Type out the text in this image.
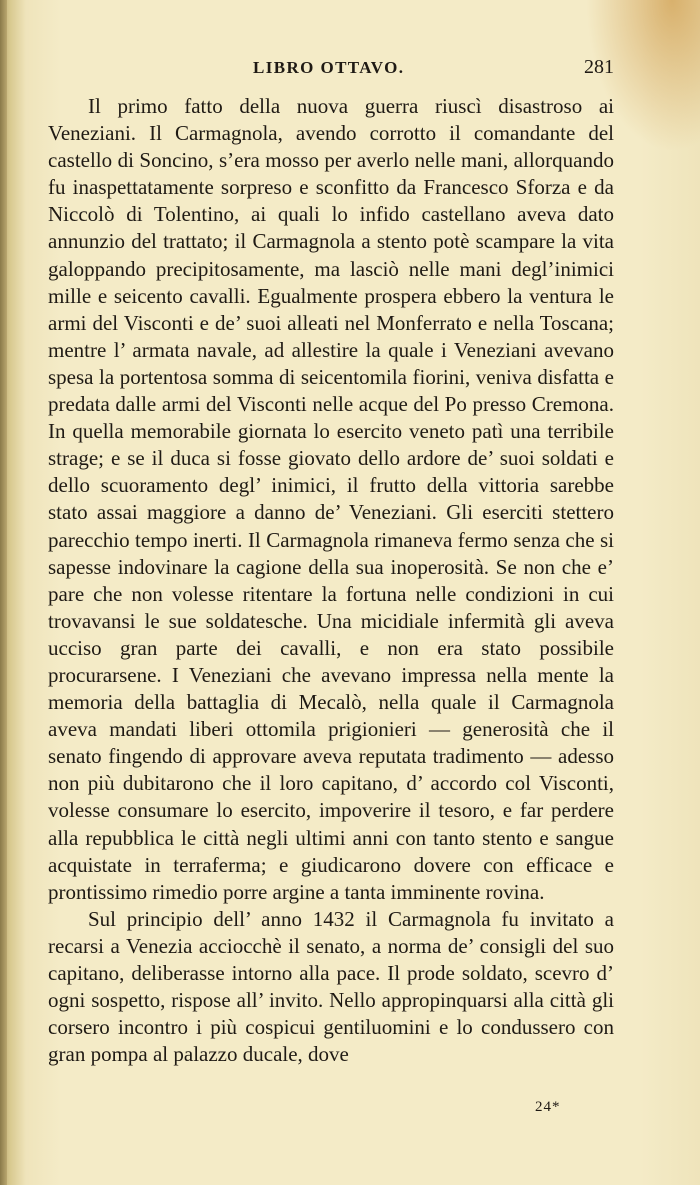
LIBRO OTTAVO.	281

Il primo fatto della nuova guerra riuscì disastroso ai Veneziani. Il Carmagnola, avendo corrotto il comandante del castello di Soncino, s’era mosso per averlo nelle mani, allorquando fu inaspettatamente sorpreso e sconfitto da Francesco Sforza e da Niccolò di Tolentino, ai quali lo infido castellano aveva dato annunzio del trattato; il Carmagnola a stento potè scampare la vita galoppando precipitosamente, ma lasciò nelle mani degl’inimici mille e seicento cavalli. Egualmente prospera ebbero la ventura le armi del Visconti e de’ suoi alleati nel Monferrato e nella Toscana; mentre l’ armata navale, ad allestire la quale i Veneziani avevano spesa la portentosa somma di seicentomila fiorini, veniva disfatta e predata dalle armi del Visconti nelle acque del Po presso Cremona. In quella memorabile giornata lo esercito veneto patì una terribile strage; e se il duca si fosse giovato dello ardore de’ suoi soldati e dello scuoramento degl’ inimici, il frutto della vittoria sarebbe stato assai maggiore a danno de’ Veneziani. Gli eserciti stettero parecchio tempo inerti. Il Carmagnola rimaneva fermo senza che si sapesse indovinare la cagione della sua inoperosità. Se non che e’ pare che non volesse ritentare la fortuna nelle condizioni in cui trovavansi le sue soldatesche. Una micidiale infermità gli aveva ucciso gran parte dei cavalli, e non era stato possibile procurarsene. I Veneziani che avevano impressa nella mente la memoria della battaglia di Mecalò, nella quale il Carmagnola aveva mandati liberi ottomila prigionieri — generosità che il senato fingendo di approvare aveva reputata tradimento — adesso non più dubitarono che il loro capitano, d’ accordo col Visconti, volesse consumare lo esercito, impoverire il tesoro, e far perdere alla repubblica le città negli ultimi anni con tanto stento e sangue acquistate in terraferma; e giudicarono dovere con efficace e prontissimo rimedio porre argine a tanta imminente rovina.

Sul principio dell’ anno 1432 il Carmagnola fu invitato a recarsi a Venezia acciocchè il senato, a norma de’ consigli del suo capitano, deliberasse intorno alla pace. Il prode soldato, scevro d’ ogni sospetto, rispose all’ invito. Nello appropinquarsi alla città gli corsero incontro i più cospicui gentiluomini e lo condussero con gran pompa al palazzo ducale, dove

24*
